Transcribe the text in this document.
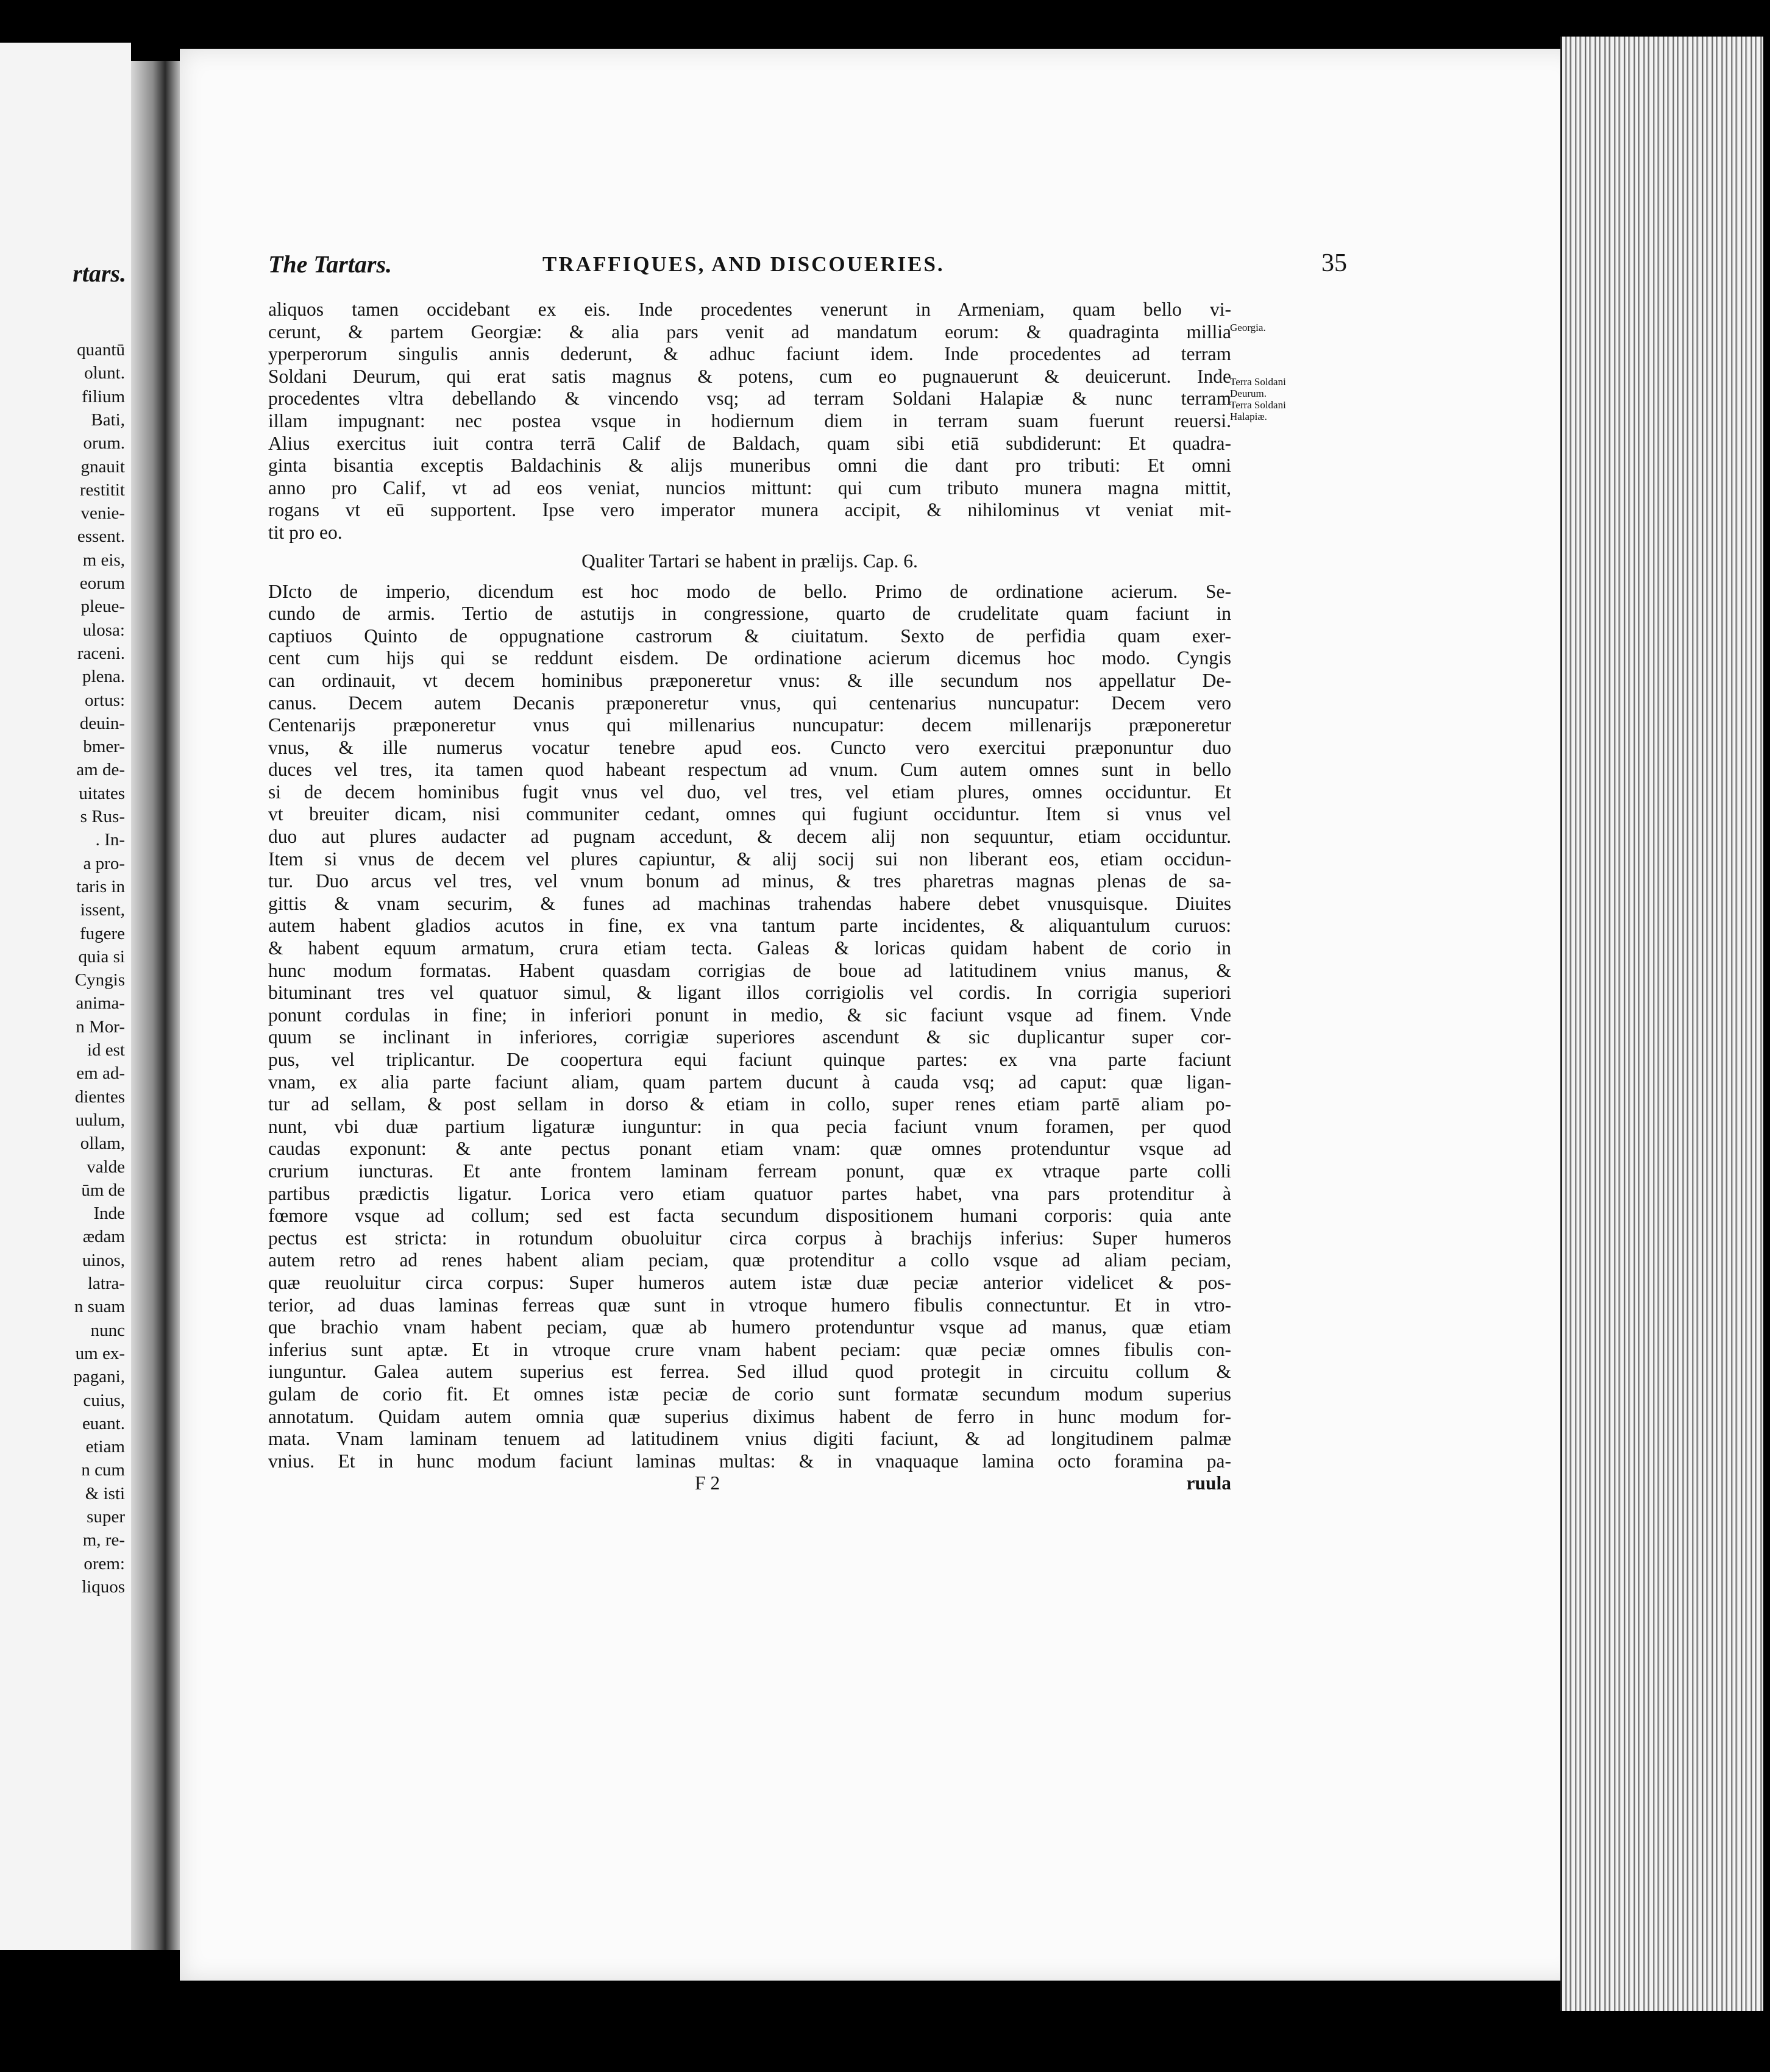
rtars.
quantū
olunt.
filium
Bati,
orum.
gnauit
restitit
venie-
essent.
m eis,
eorum
pleue-
ulosa:
raceni.
plena.
ortus:
deuin-
bmer-
am de-
uitates
s Rus-
. In-
a pro-
taris in
issent,
fugere
quia si
Cyngis
anima-
n Mor-
id est
em ad-
dientes
uulum,
ollam,
valde
ūm de
Inde
ædam
uinos,
latra-
n suam
nunc
um ex-
pagani,
cuius,
euant.
etiam
n cum
& isti
super
m, re-
orem:
liquos
The Tartars.	TRAFFIQUES, AND DISCOUERIES.	35
Georgia.
Terra Soldani
Deurum.
Terra Soldani
Halapiæ.
aliquos tamen occidebant ex eis. Inde procedentes venerunt in Armeniam, quam bello vi-
cerunt, & partem Georgiæ: & alia pars venit ad mandatum eorum: & quadraginta millia
yperperorum singulis annis dederunt, & adhuc faciunt idem. Inde procedentes ad terram
Soldani Deurum, qui erat satis magnus & potens, cum eo pugnauerunt & deuicerunt. Inde
procedentes vltra debellando & vincendo vsq; ad terram Soldani Halapiæ & nunc terram
illam impugnant: nec postea vsque in hodiernum diem in terram suam fuerunt reuersi.
Alius exercitus iuit contra terrā Calif de Baldach, quam sibi etiā subdiderunt: Et quadra-
ginta bisantia exceptis Baldachinis & alijs muneribus omni die dant pro tributi: Et omni
anno pro Calif, vt ad eos veniat, nuncios mittunt: qui cum tributo munera magna mittit,
rogans vt eū supportent. Ipse vero imperator munera accipit, & nihilominus vt veniat mit-
tit pro eo.
Qualiter Tartari se habent in prælijs. Cap. 6.
DIcto de imperio, dicendum est hoc modo de bello. Primo de ordinatione acierum. Se-
cundo de armis. Tertio de astutijs in congressione, quarto de crudelitate quam faciunt in
captiuos Quinto de oppugnatione castrorum & ciuitatum. Sexto de perfidia quam exer-
cent cum hijs qui se reddunt eisdem. De ordinatione acierum dicemus hoc modo. Cyngis
can ordinauit, vt decem hominibus præponeretur vnus: & ille secundum nos appellatur De-
canus. Decem autem Decanis præponeretur vnus, qui centenarius nuncupatur: Decem vero
Centenarijs præponeretur vnus qui millenarius nuncupatur: decem millenarijs præponeretur
vnus, & ille numerus vocatur tenebre apud eos. Cuncto vero exercitui præponuntur duo
duces vel tres, ita tamen quod habeant respectum ad vnum. Cum autem omnes sunt in bello
si de decem hominibus fugit vnus vel duo, vel tres, vel etiam plures, omnes occiduntur. Et
vt breuiter dicam, nisi communiter cedant, omnes qui fugiunt occiduntur. Item si vnus vel
duo aut plures audacter ad pugnam accedunt, & decem alij non sequuntur, etiam occiduntur.
Item si vnus de decem vel plures capiuntur, & alij socij sui non liberant eos, etiam occidun-
tur. Duo arcus vel tres, vel vnum bonum ad minus, & tres pharetras magnas plenas de sa-
gittis & vnam securim, & funes ad machinas trahendas habere debet vnusquisque. Diuites
autem habent gladios acutos in fine, ex vna tantum parte incidentes, & aliquantulum curuos:
& habent equum armatum, crura etiam tecta. Galeas & loricas quidam habent de corio in
hunc modum formatas. Habent quasdam corrigias de boue ad latitudinem vnius manus, &
bituminant tres vel quatuor simul, & ligant illos corrigiolis vel cordis. In corrigia superiori
ponunt cordulas in fine; in inferiori ponunt in medio, & sic faciunt vsque ad finem. Vnde
quum se inclinant in inferiores, corrigiæ superiores ascendunt & sic duplicantur super cor-
pus, vel triplicantur. De coopertura equi faciunt quinque partes: ex vna parte faciunt
vnam, ex alia parte faciunt aliam, quam partem ducunt à cauda vsq; ad caput: quæ ligan-
tur ad sellam, & post sellam in dorso & etiam in collo, super renes etiam partē aliam po-
nunt, vbi duæ partium ligaturæ iunguntur: in qua pecia faciunt vnum foramen, per quod
caudas exponunt: & ante pectus ponant etiam vnam: quæ omnes protenduntur vsque ad
crurium iuncturas. Et ante frontem laminam ferream ponunt, quæ ex vtraque parte colli
partibus prædictis ligatur. Lorica vero etiam quatuor partes habet, vna pars protenditur à
fœmore vsque ad collum; sed est facta secundum dispositionem humani corporis: quia ante
pectus est stricta: in rotundum obuoluitur circa corpus à brachijs inferius: Super humeros
autem retro ad renes habent aliam peciam, quæ protenditur a collo vsque ad aliam peciam,
quæ reuoluitur circa corpus: Super humeros autem istæ duæ peciæ anterior videlicet & pos-
terior, ad duas laminas ferreas quæ sunt in vtroque humero fibulis connectuntur. Et in vtro-
que brachio vnam habent peciam, quæ ab humero protenduntur vsque ad manus, quæ etiam
inferius sunt aptæ. Et in vtroque crure vnam habent peciam: quæ peciæ omnes fibulis con-
iunguntur. Galea autem superius est ferrea. Sed illud quod protegit in circuitu collum &
gulam de corio fit. Et omnes istæ peciæ de corio sunt formatæ secundum modum superius
annotatum. Quidam autem omnia quæ superius diximus habent de ferro in hunc modum for-
mata. Vnam laminam tenuem ad latitudinem vnius digiti faciunt, & ad longitudinem palmæ
vnius. Et in hunc modum faciunt laminas multas: & in vnaquaque lamina octo foramina pa-
F 2	ruula
